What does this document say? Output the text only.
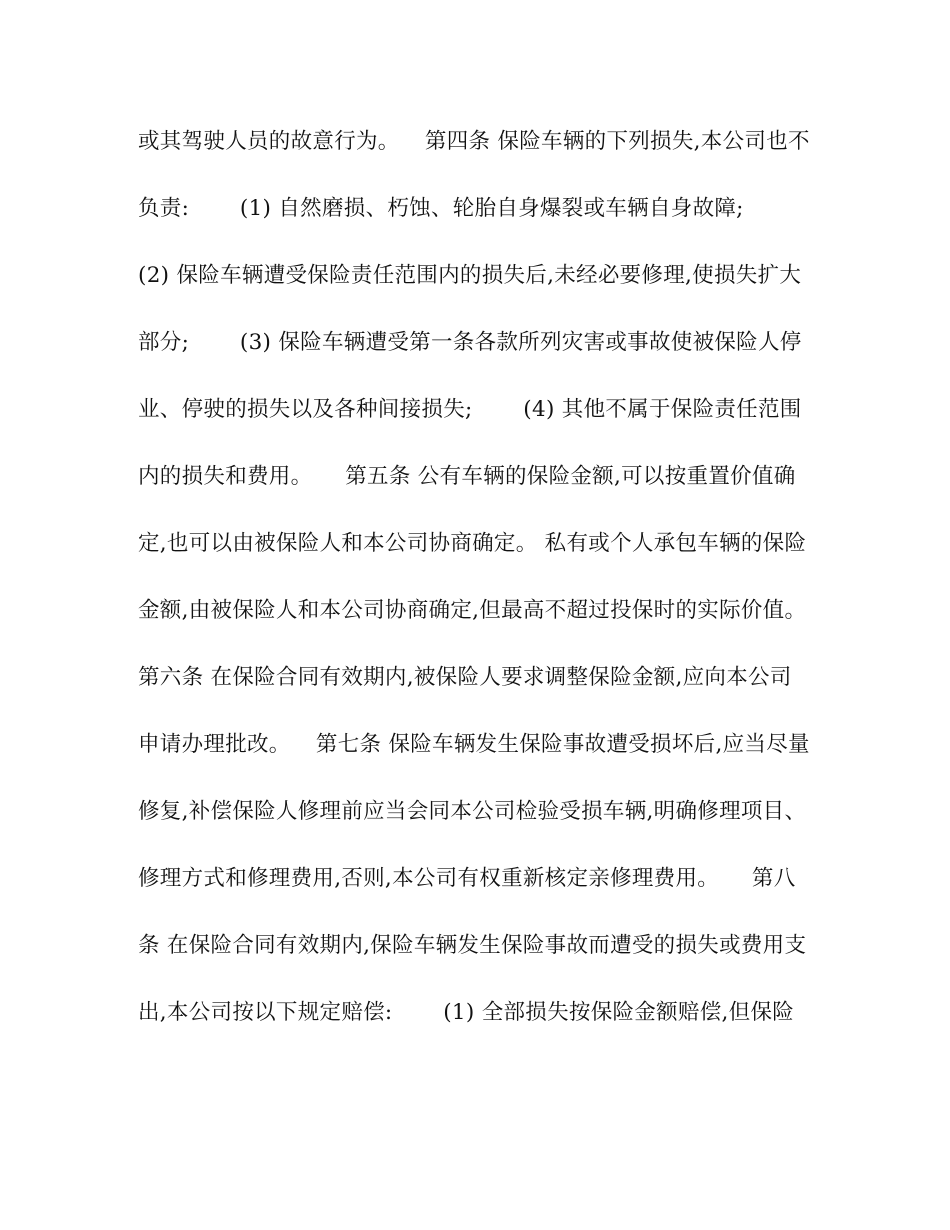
或其驾驶人员的故意行为。　  第四条 保险车辆的下列损失,本公司也不
负责:　　 (1) 自然磨损、朽蚀、轮胎自身爆裂或车辆自身故障;
(2) 保险车辆遭受保险责任范围内的损失后,未经必要修理,使损失扩大
部分;　　 (3) 保险车辆遭受第一条各款所列灾害或事故使被保险人停
业、停驶的损失以及各种间接损失;　　 (4) 其他不属于保险责任范围
内的损失和费用。　　第五条 公有车辆的保险金额,可以按重置价值确
定,也可以由被保险人和本公司协商确定。 私有或个人承包车辆的保险
金额,由被保险人和本公司协商确定,但最高不超过投保时的实际价值。
第六条 在保险合同有效期内,被保险人要求调整保险金额,应向本公司
申请办理批改。　  第七条 保险车辆发生保险事故遭受损坏后,应当尽量
修复,补偿保险人修理前应当会同本公司检验受损车辆,明确修理项目、
修理方式和修理费用,否则,本公司有权重新核定亲修理费用。　　第八
条 在保险合同有效期内,保险车辆发生保险事故而遭受的损失或费用支
出,本公司按以下规定赔偿:　　 (1) 全部损失按保险金额赔偿,但保险
